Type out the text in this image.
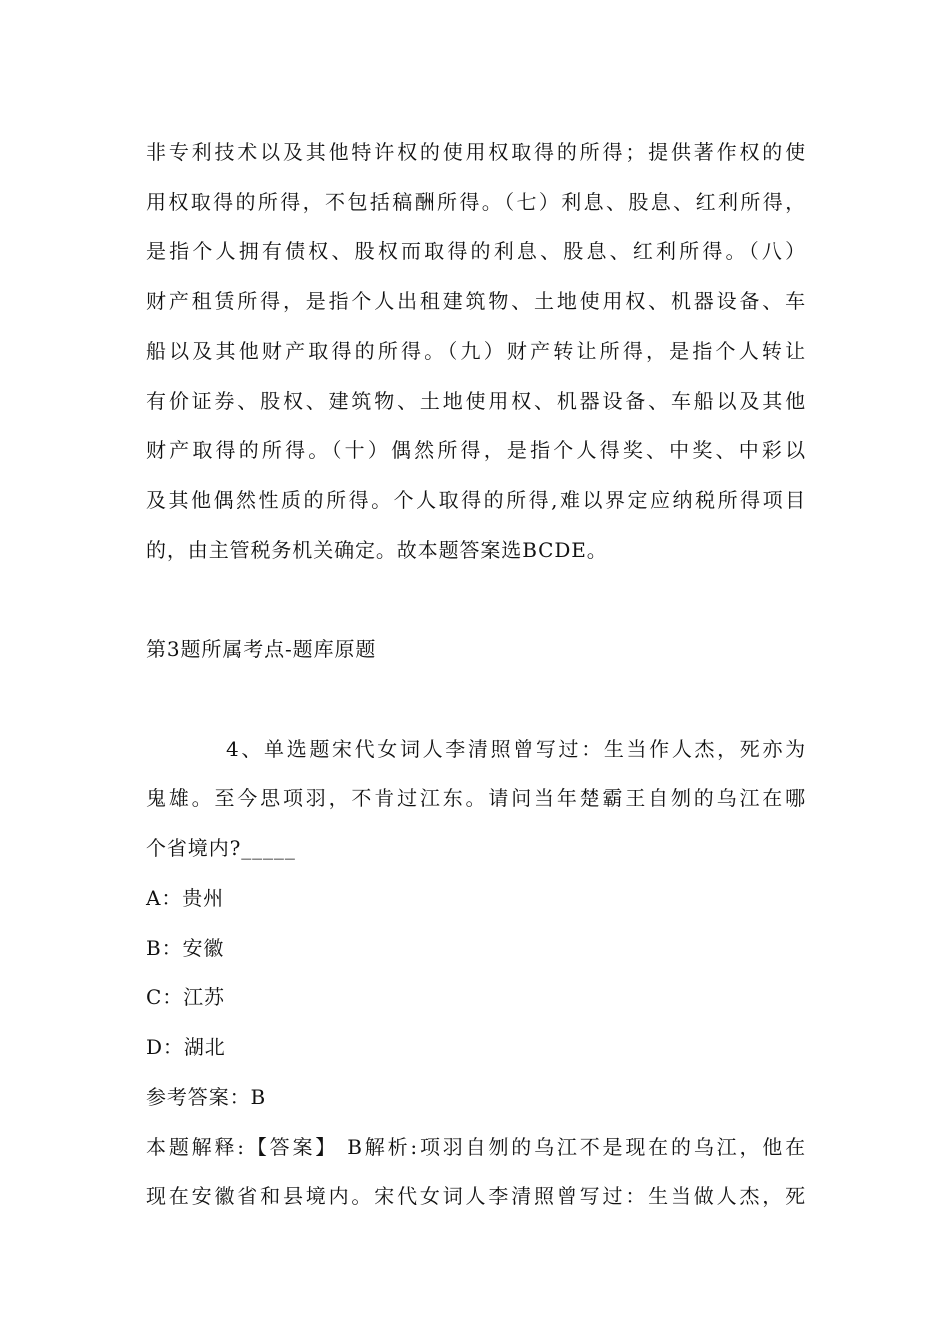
非专利技术以及其他特许权的使用权取得的所得；提供著作权的使
用权取得的所得，不包括稿酬所得。（七）利息、股息、红利所得，
是指个人拥有债权、股权而取得的利息、股息、红利所得。（八）
财产租赁所得，是指个人出租建筑物、土地使用权、机器设备、车
船以及其他财产取得的所得。（九）财产转让所得，是指个人转让
有价证券、股权、建筑物、土地使用权、机器设备、车船以及其他
财产取得的所得。（十）偶然所得，是指个人得奖、中奖、中彩以
及其他偶然性质的所得。个人取得的所得,难以界定应纳税所得项目
的，由主管税务机关确定。故本题答案选BCDE。
第3题所属考点-题库原题
4、单选题宋代女词人李清照曾写过：生当作人杰，死亦为
鬼雄。至今思项羽，不肯过江东。请问当年楚霸王自刎的乌江在哪
个省境内?_____
A：贵州
B：安徽
C：江苏
D：湖北
参考答案：B
本题解释:【答案】 B解析:项羽自刎的乌江不是现在的乌江，他在
现在安徽省和县境内。宋代女词人李清照曾写过：生当做人杰，死
